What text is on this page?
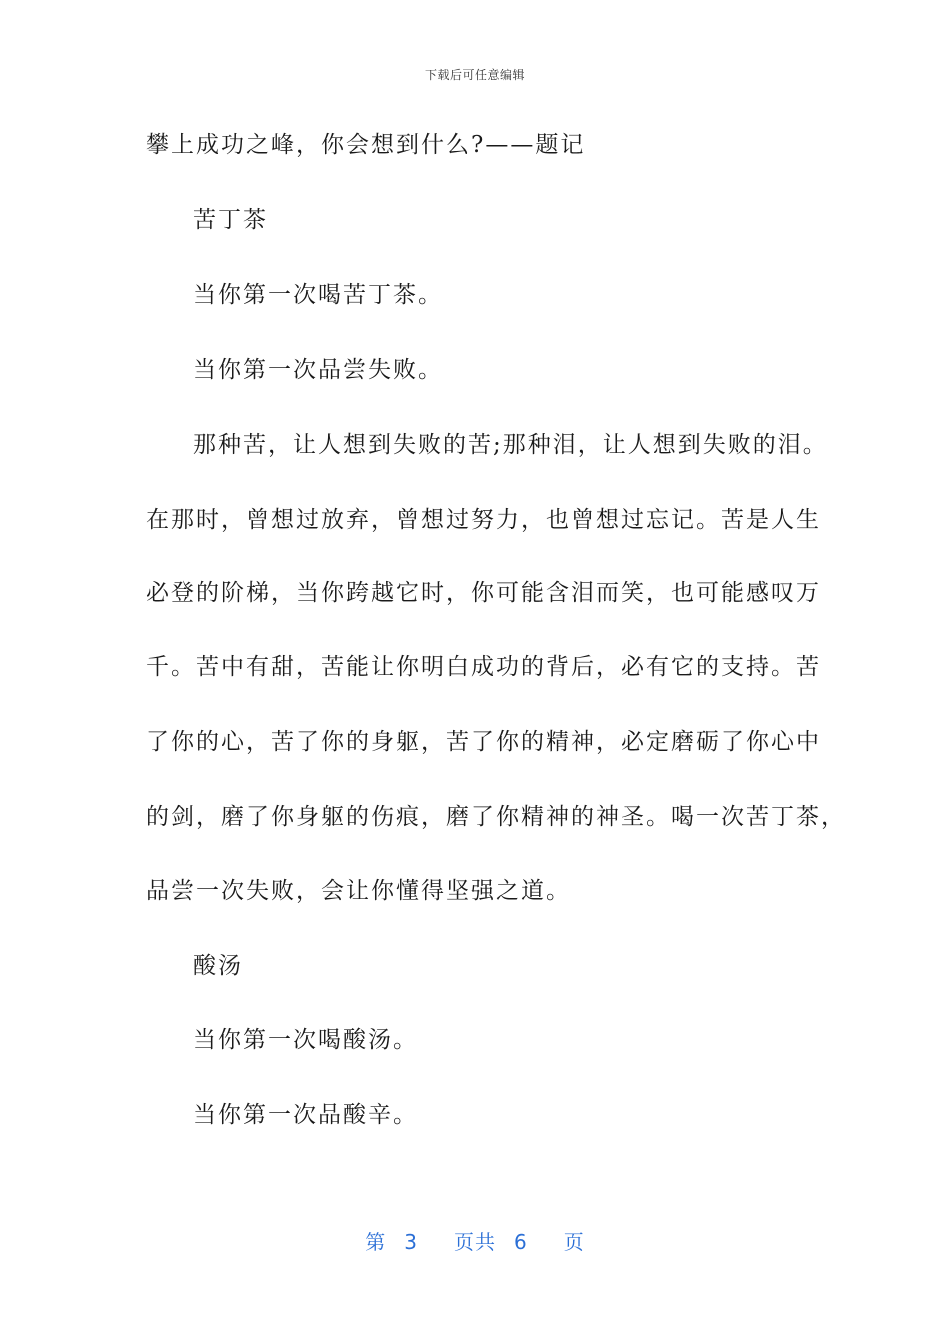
下载后可任意编辑
攀上成功之峰，你会想到什么?——题记
苦丁茶
当你第一次喝苦丁茶。
当你第一次品尝失败。
那种苦，让人想到失败的苦;那种泪，让人想到失败的泪。
在那时，曾想过放弃，曾想过努力，也曾想过忘记。苦是人生
必登的阶梯，当你跨越它时，你可能含泪而笑，也可能感叹万
千。苦中有甜，苦能让你明白成功的背后，必有它的支持。苦
了你的心，苦了你的身躯，苦了你的精神，必定磨砺了你心中
的剑，磨了你身躯的伤痕，磨了你精神的神圣。喝一次苦丁茶，
品尝一次失败，会让你懂得坚强之道。
酸汤
当你第一次喝酸汤。
当你第一次品酸辛。
第 3 页共 6 页
